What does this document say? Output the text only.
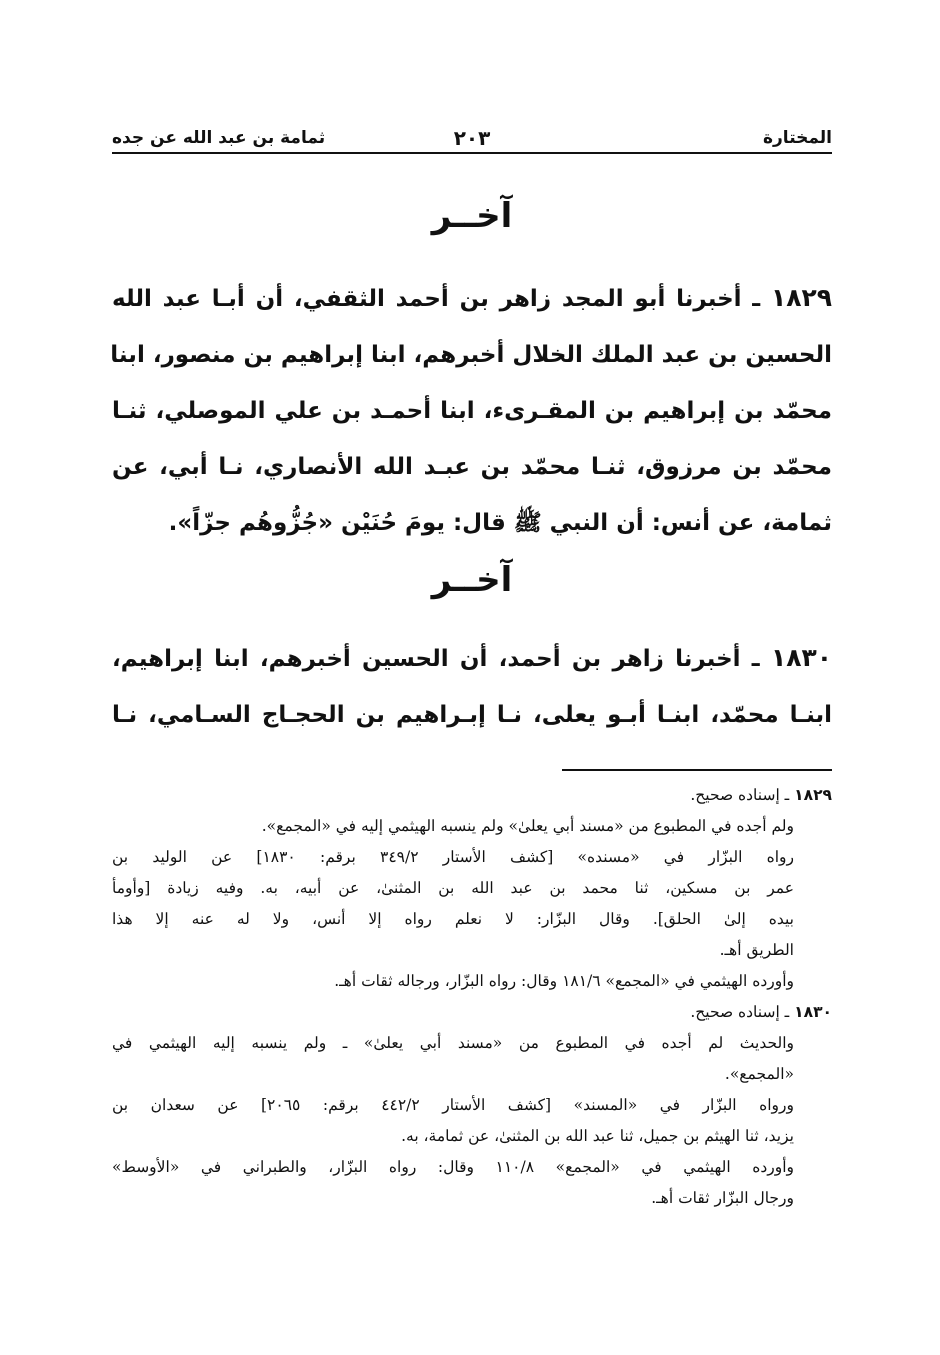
المختارة
٢٠٣
ثمامة بن عبد الله عن جده
آخــر
١٨٢٩ ـ أخبرنا أبو المجد زاهر بن أحمد الثقفي، أن أبـا عبد الله
الحسين بن عبد الملك الخلال أخبرهم، ابنا إبراهيم بن منصور، ابنا
محمّد بن إبراهيم بن المقـرىء، ابنا أحمـد بن علي الموصلي، ثنـا
محمّد بن مرزوق، ثنـا محمّد بن عبـد الله الأنصاري، نـا أبي، عن
ثمامة، عن أنس: أن النبي ﷺ قال: يومَ حُنَيْن «جُزُّوهُم جزّاً».
آخــر
١٨٣٠ ـ أخبرنا زاهر بن أحمد، أن الحسين أخبرهم، ابنا إبراهيم،
ابنـا محمّد، ابنـا أبـو يعلى، نـا إبـراهيم بن الحجـاج السـامي، نـا
١٨٢٩ ـ إسناده صحيح.
ولم أجده في المطبوع من «مسند أبي يعلىٰ» ولم ينسبه الهيثمي إليه في «المجمع».
رواه البزّار في «مسنده» [كشف الأستار ٣٤٩/٢ برقم: ١٨٣٠] عن الوليد بن
عمر بن مسكين، ثنا محمد بن عبد الله بن المثنىٰ، عن أبيه، به. وفيه زيادة [وأومأ
بيده إلىٰ الحلق]. وقال البزّار: لا نعلم رواه إلا أنس، ولا له عنه إلا هذا
الطريق أهـ.
وأورده الهيثمي في «المجمع» ١٨١/٦ وقال: رواه البزّار، ورجاله ثقات أهـ.
١٨٣٠ ـ إسناده صحيح.
والحديث لم أجده في المطبوع من «مسند أبي يعلىٰ» ـ ولم ينسبه إليه الهيثمي في
«المجمع».
ورواه البزّار في «المسند» [كشف الأستار ٤٤٢/٢ برقم: ٢٠٦٥] عن سعدان بن
يزيد، ثنا الهيثم بن جميل، ثنا عبد الله بن المثنىٰ، عن ثمامة، به.
وأورده الهيثمي في «المجمع» ١١٠/٨ وقال: رواه البزّار، والطبراني في «الأوسط»
ورجال البزّار ثقات أهـ.
